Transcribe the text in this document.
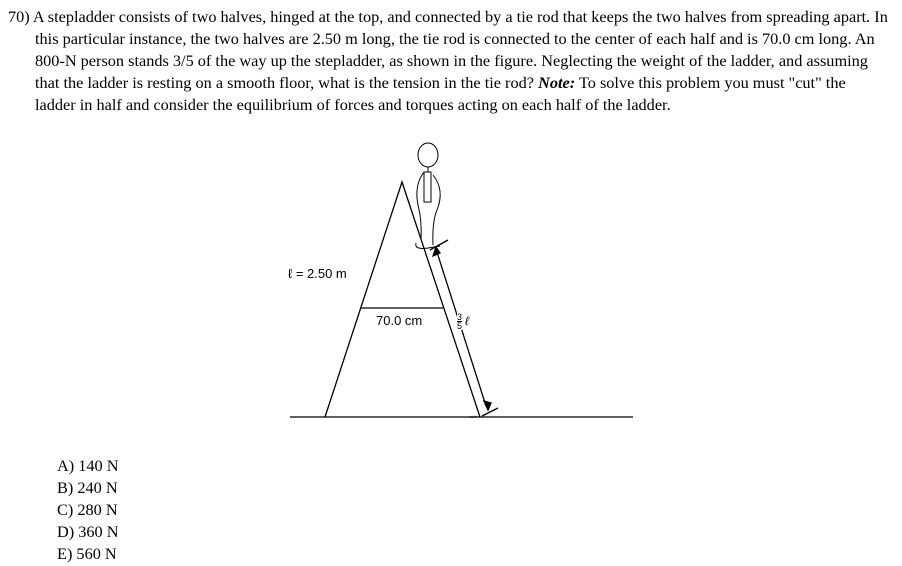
70) A stepladder consists of two halves, hinged at the top, and connected by a tie rod that keeps the two halves from spreading apart. In this particular instance, the two halves are 2.50 m long, the tie rod is connected to the center of each half and is 70.0 cm long. An 800-N person stands 3/5 of the way up the stepladder, as shown in the figure. Neglecting the weight of the ladder, and assuming that the ladder is resting on a smooth floor, what is the tension in the tie rod? Note: To solve this problem you must "cut" the ladder in half and consider the equilibrium of forces and torques acting on each half of the ladder.
ℓ = 2.50 m
70.0 cm	3
5 ℓ
A) 140 N
B) 240 N
C) 280 N
D) 360 N
E) 560 N
